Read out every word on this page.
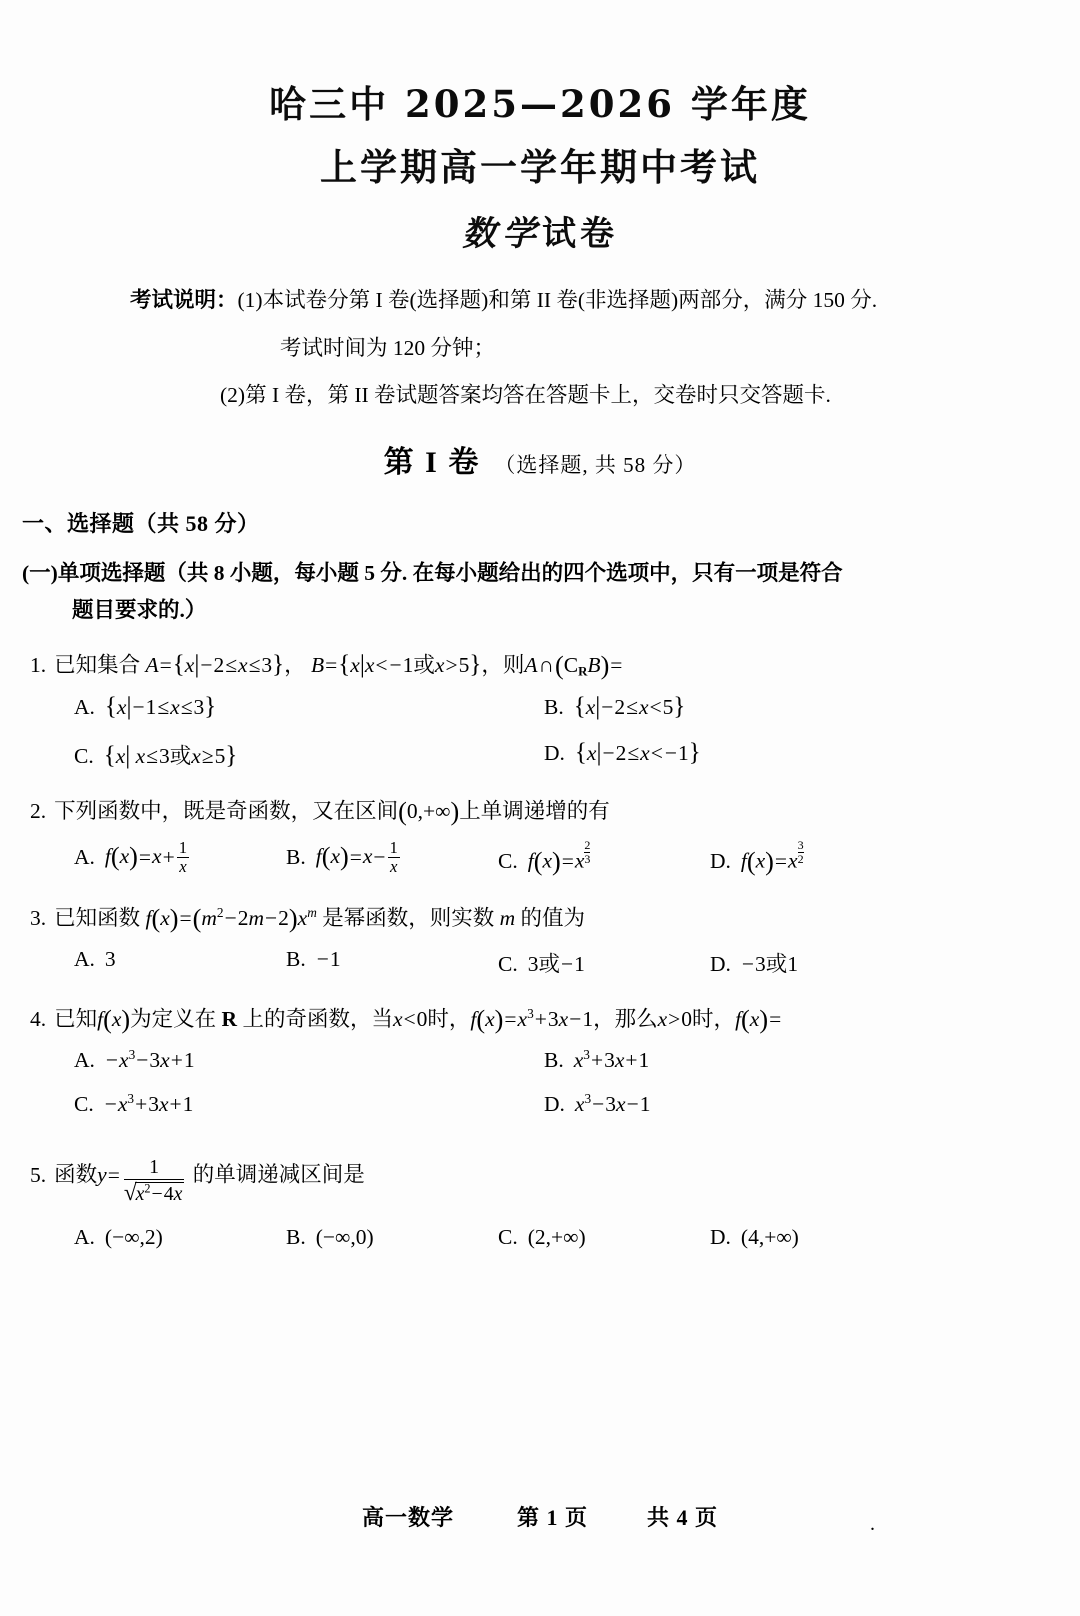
哈三中 2025—2026 学年度
上学期高一学年期中考试
数学试卷
考试说明：(1)本试卷分第 I 卷(选择题)和第 II 卷(非选择题)两部分，满分 150 分.
考试时间为 120 分钟；
(2)第 I 卷，第 II 卷试题答案均答在答题卡上，交卷时只交答题卡.
第 I 卷 （选择题, 共 58 分）
一、选择题（共 58 分）
(一)单项选择题（共 8 小题，每小题 5 分. 在每小题给出的四个选项中，只有一项是符合
题目要求的.）
1. 已知集合 A={x|−2≤x≤3}， B={x|x<−1或x>5}，则A∩(CRB)=
A. {x|−1≤x≤3}	B. {x|−2≤x<5}
C. {x| x≤3或x≥5}	D. {x|−2≤x<−1}
2. 下列函数中，既是奇函数，又在区间(0,+∞)上单调递增的有
A. $f(x)=x+ \frac{1}{x}$	B. $f(x)=x- \frac{1}{x}$	C. $f(x)=x \frac{2}{3}$	D. $f(x)=x \frac{3}{2}$
3. 已知函数 $f(x)=(m^2-2m-2)x^m$ 是幂函数，则实数 m 的值为
A. 3	B. −1	C. 3或−1	D. −3或1
4. 已知f(x)为定义在 R 上的奇函数，当x<0时，$f(x)=x^3+3x-1$，那么x>0时，f(x)=
A. $-x^3-3x+1$	B. $x^3+3x+1$
C. $-x^3+3x+1$	D. $x^3-3x-1$
5. 函数$y= \frac{1}{√x^2-4x}$ 的单调递减区间是
A. (−∞,2)	B. (−∞,0)	C. (2,+∞)	D. (4,+∞)
高一数学	第 1 页	共 4 页	.
